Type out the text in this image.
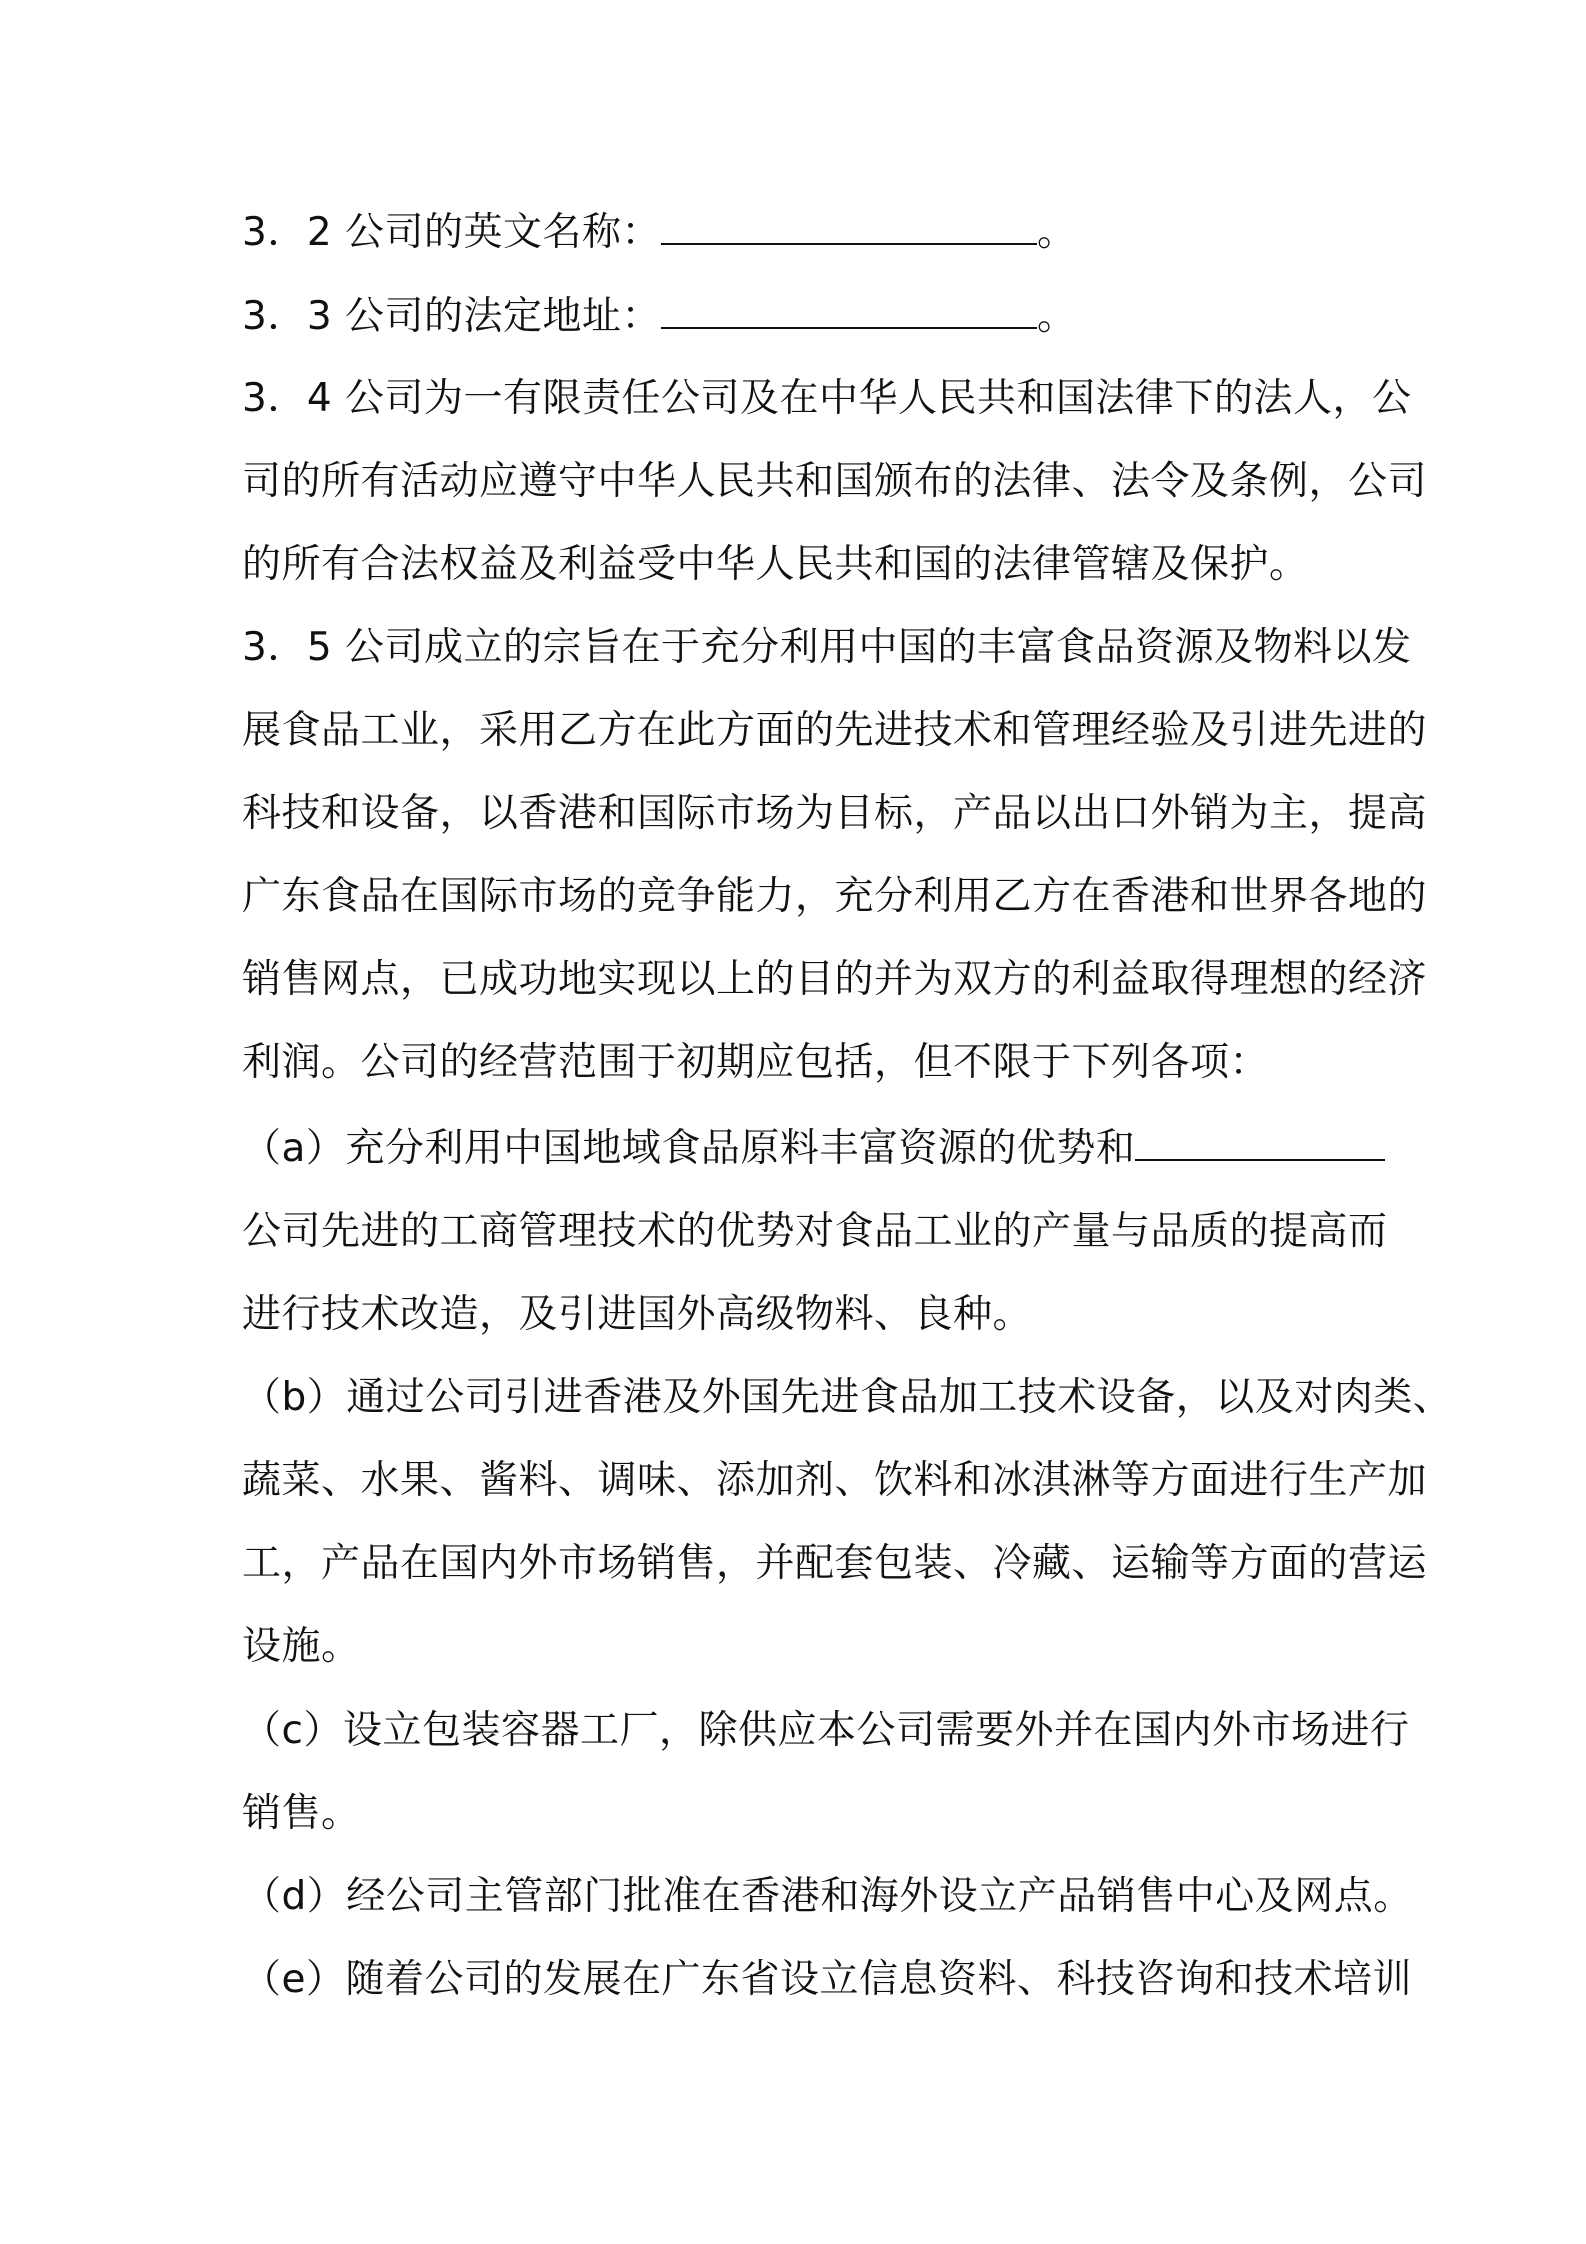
3．2 公司的英文名称：	。
3．3 公司的法定地址：	。
3．4 公司为一有限责任公司及在中华人民共和国法律下的法人，公
司的所有活动应遵守中华人民共和国颁布的法律、法令及条例，公司
的所有合法权益及利益受中华人民共和国的法律管辖及保护。
3．5 公司成立的宗旨在于充分利用中国的丰富食品资源及物料以发
展食品工业，采用乙方在此方面的先进技术和管理经验及引进先进的
科技和设备，以香港和国际市场为目标，产品以出口外销为主，提高
广东食品在国际市场的竞争能力，充分利用乙方在香港和世界各地的
销售网点，已成功地实现以上的目的并为双方的利益取得理想的经济
利润。公司的经营范围于初期应包括，但不限于下列各项：
（a）充分利用中国地域食品原料丰富资源的优势和
公司先进的工商管理技术的优势对食品工业的产量与品质的提高而
进行技术改造，及引进国外高级物料、良种。
（b）通过公司引进香港及外国先进食品加工技术设备，以及对肉类、
蔬菜、水果、酱料、调味、添加剂、饮料和冰淇淋等方面进行生产加
工，产品在国内外市场销售，并配套包装、冷藏、运输等方面的营运
设施。
（c）设立包装容器工厂，除供应本公司需要外并在国内外市场进行
销售。
（d）经公司主管部门批准在香港和海外设立产品销售中心及网点。
（e）随着公司的发展在广东省设立信息资料、科技咨询和技术培训
